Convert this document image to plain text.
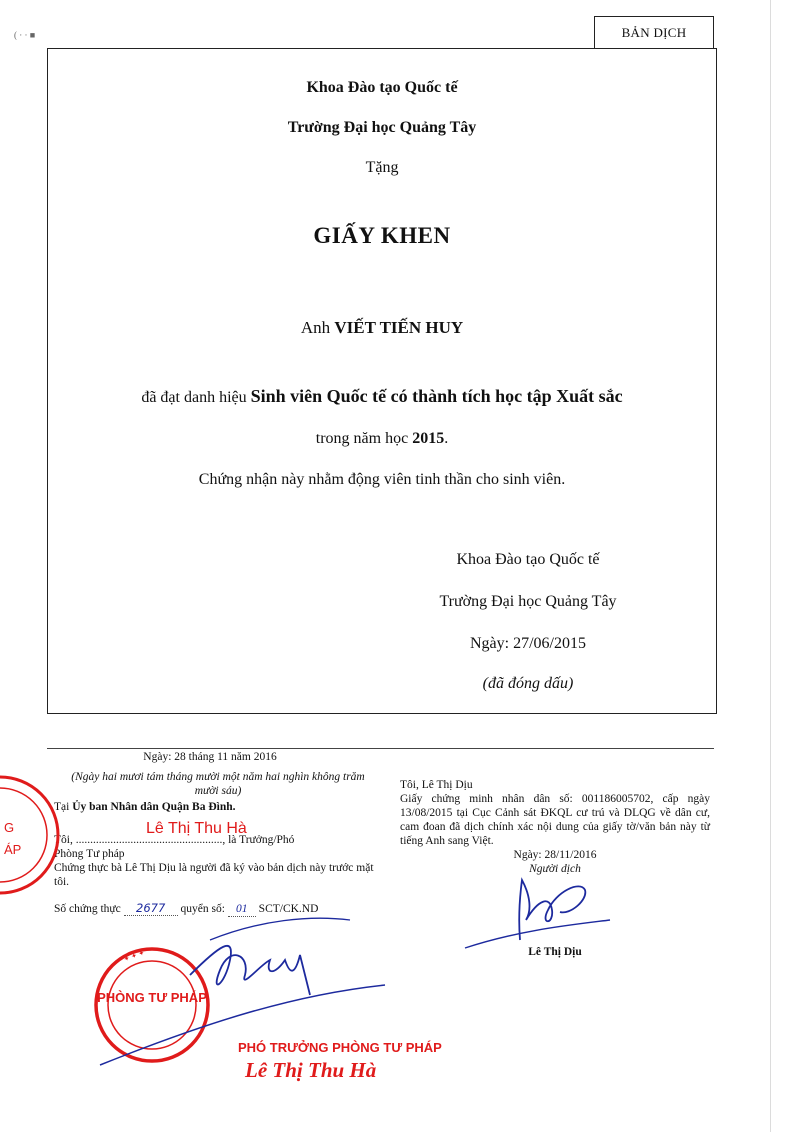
( · · ■	BẢN DỊCH
Khoa Đào tạo Quốc tế
Trường Đại học Quảng Tây
Tặng
GIẤY KHEN
Anh VIẾT TIẾN HUY
đã đạt danh hiệu Sinh viên Quốc tế có thành tích học tập Xuất sắc
trong năm học 2015.
Chứng nhận này nhằm động viên tinh thần cho sinh viên.
Khoa Đào tạo Quốc tế
Trường Đại học Quảng Tây
Ngày: 27/06/2015
(đã đóng dấu)
Ngày: 28 tháng 11 năm 2016
(Ngày hai mươi tám tháng mười một năm hai nghìn không trăm mười sáu)
Tại Ủy ban Nhân dân Quận Ba Đình.
Tôi, ..................................................., là Trưởng/Phó
Lê Thị Thu Hà
Phòng Tư pháp
Chứng thực bà Lê Thị Dịu là người đã ký vào bản dịch này trước mặt tôi.
Số chứng thực 2677 quyển số: 01 SCT/CK.ND
G
ÁP
✦ ✦ ✦
PHÒNG TƯ PHÁP
PHÓ TRƯỞNG PHÒNG TƯ PHÁP
Lê Thị Thu Hà
Tôi, Lê Thị Dịu
Giấy chứng minh nhân dân số: 001186005702, cấp ngày 13/08/2015 tại Cục Cảnh sát ĐKQL cư trú và DLQG về dân cư, cam đoan đã dịch chính xác nội dung của giấy tờ/văn bản này từ tiếng Anh sang Việt.
Ngày: 28/11/2016
Người dịch
Lê Thị Dịu
